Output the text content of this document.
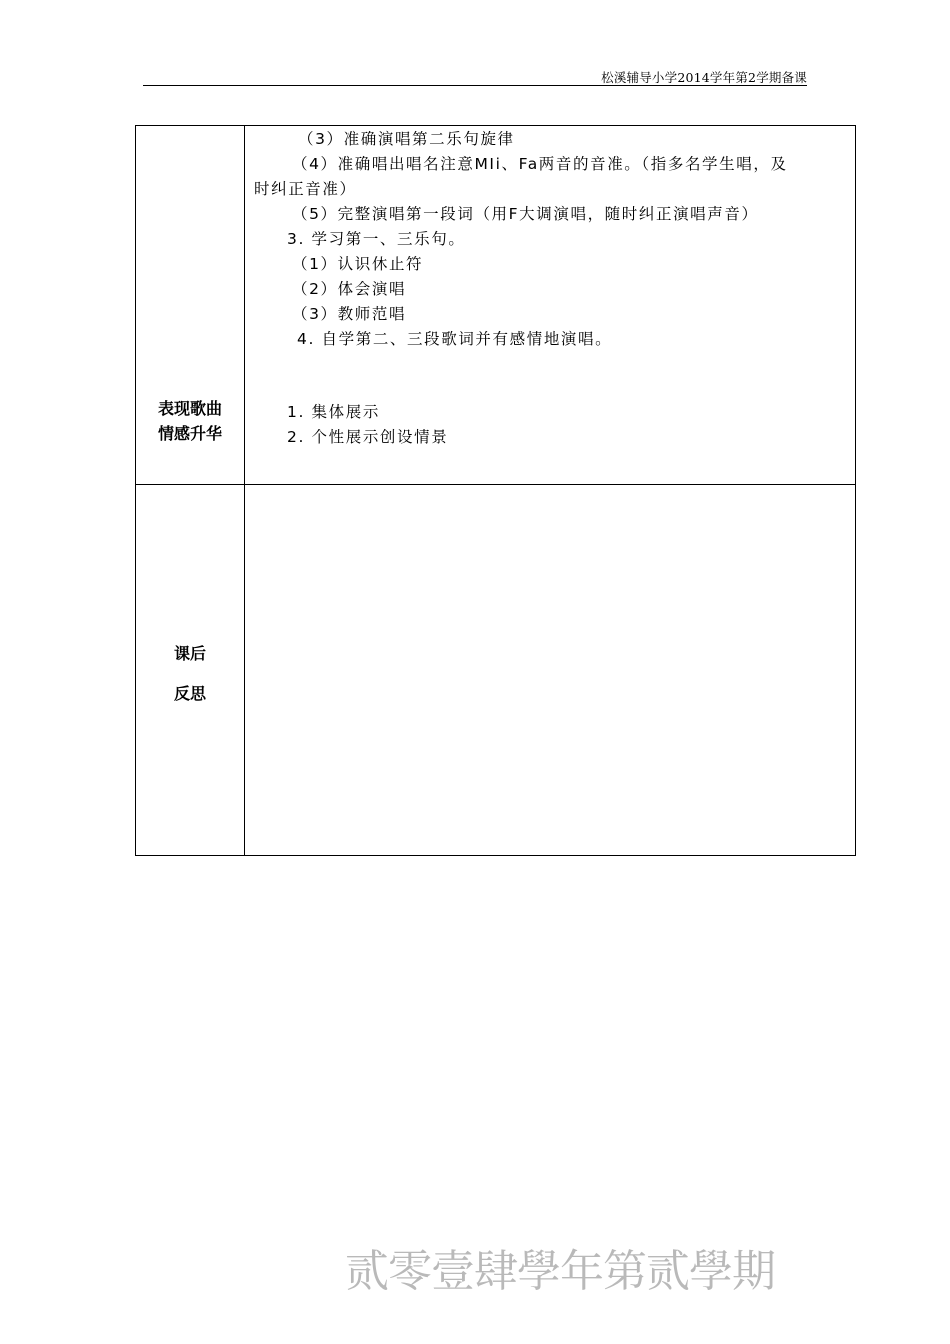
松溪辅导小学2014学年第2学期备课
表现歌曲
情感升华
（3）准确演唱第二乐句旋律
（4）准确唱出唱名注意MIi、Fa两音的音准。（指多名学生唱，及
时纠正音准）
（5）完整演唱第一段词（用F大调演唱，随时纠正演唱声音）
3. 学习第一、三乐句。
（1）认识休止符
（2）体会演唱
（3）教师范唱
4. 自学第二、三段歌词并有感情地演唱。
1. 集体展示
2. 个性展示创设情景
课后
反思
贰零壹肆學年第贰學期
